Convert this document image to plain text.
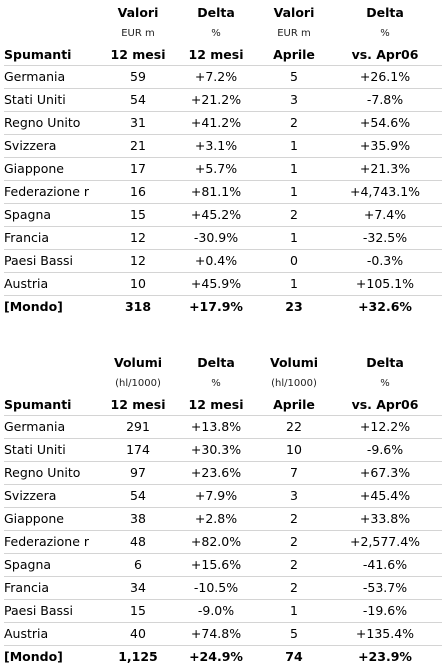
	Valori	Delta	Valori	Delta
	EUR m	%	EUR m	%
Spumanti	12 mesi	12 mesi	Aprile	vs. Apr06
Germania	59	+7.2%	5	+26.1%
Stati Uniti	54	+21.2%	3	-7.8%
Regno Unito	31	+41.2%	2	+54.6%
Svizzera	21	+3.1%	1	+35.9%
Giappone	17	+5.7%	1	+21.3%
Federazione r	16	+81.1%	1	+4,743.1%
Spagna	15	+45.2%	2	+7.4%
Francia	12	-30.9%	1	-32.5%
Paesi Bassi	12	+0.4%	0	-0.3%
Austria	10	+45.9%	1	+105.1%
[Mondo]	318	+17.9%	23	+32.6%
	Volumi	Delta	Volumi	Delta
	(hl/1000)	%	(hl/1000)	%
Spumanti	12 mesi	12 mesi	Aprile	vs. Apr06
Germania	291	+13.8%	22	+12.2%
Stati Uniti	174	+30.3%	10	-9.6%
Regno Unito	97	+23.6%	7	+67.3%
Svizzera	54	+7.9%	3	+45.4%
Giappone	38	+2.8%	2	+33.8%
Federazione r	48	+82.0%	2	+2,577.4%
Spagna	6	+15.6%	2	-41.6%
Francia	34	-10.5%	2	-53.7%
Paesi Bassi	15	-9.0%	1	-19.6%
Austria	40	+74.8%	5	+135.4%
[Mondo]	1,125	+24.9%	74	+23.9%
